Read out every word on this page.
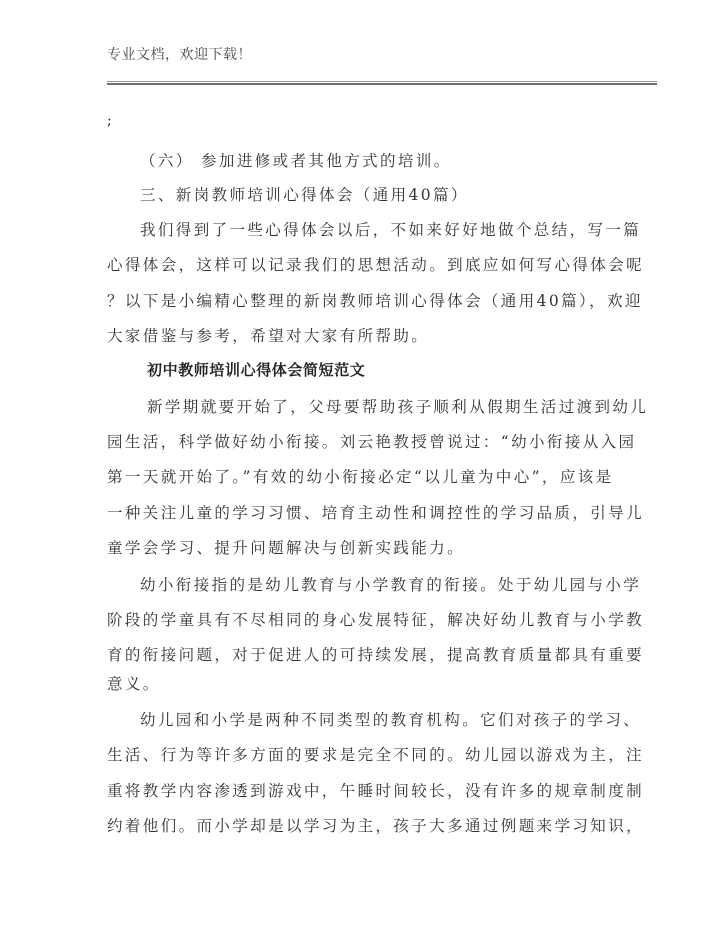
专业文档，欢迎下载！
;
（六） 参加进修或者其他方式的培训。
三、新岗教师培训心得体会（通用40篇）
我们得到了一些心得体会以后，不如来好好地做个总结，写一篇
心得体会，这样可以记录我们的思想活动。到底应如何写心得体会呢
？以下是小编精心整理的新岗教师培训心得体会（通用40篇），欢迎
大家借鉴与参考，希望对大家有所帮助。
初中教师培训心得体会简短范文
新学期就要开始了，父母要帮助孩子顺利从假期生活过渡到幼儿
园生活，科学做好幼小衔接。刘云艳教授曾说过：“幼小衔接从入园
第一天就开始了。”有效的幼小衔接必定“以儿童为中心”，应该是
一种关注儿童的学习习惯、培育主动性和调控性的学习品质，引导儿
童学会学习、提升问题解决与创新实践能力。
幼小衔接指的是幼儿教育与小学教育的衔接。处于幼儿园与小学
阶段的学童具有不尽相同的身心发展特征，解决好幼儿教育与小学教
育的衔接问题，对于促进人的可持续发展，提高教育质量都具有重要
意义。
幼儿园和小学是两种不同类型的教育机构。它们对孩子的学习、
生活、行为等许多方面的要求是完全不同的。幼儿园以游戏为主，注
重将教学内容渗透到游戏中，午睡时间较长，没有许多的规章制度制
约着他们。而小学却是以学习为主，孩子大多通过例题来学习知识，
